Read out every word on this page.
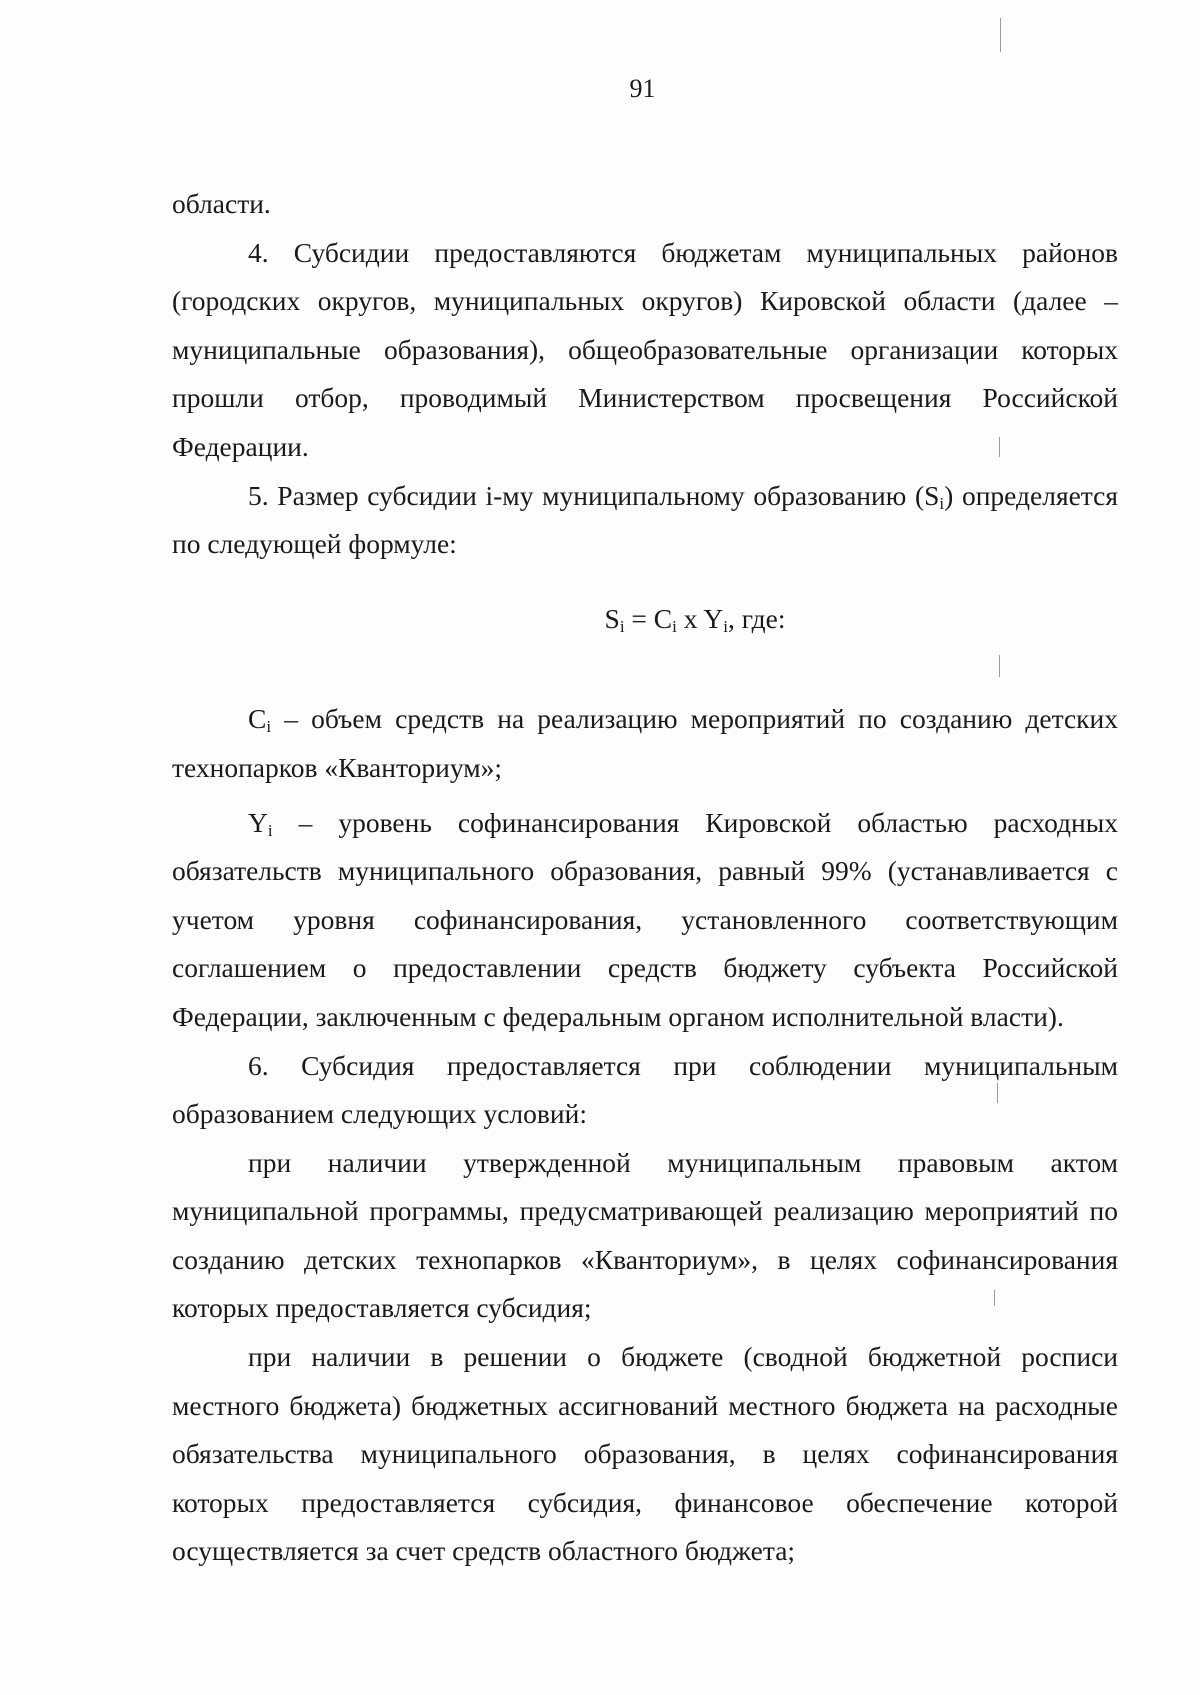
91

области.

4. Субсидии предоставляются бюджетам муниципальных районов (городских округов, муниципальных округов) Кировской области (далее – муниципальные образования), общеобразовательные организации которых прошли отбор, проводимый Министерством просвещения Российской Федерации.

5. Размер субсидии i-му муниципальному образованию $(S_i)$ определяется по следующей формуле:

$S_i = C_i$ x $Y_i$, где:

$C_i$ – объем средств на реализацию мероприятий по созданию детских технопарков «Кванториум»;

$Y_i$ – уровень софинансирования Кировской областью расходных обязательств муниципального образования, равный 99% (устанавливается с учетом уровня софинансирования, установленного соответствующим соглашением о предоставлении средств бюджету субъекта Российской Федерации, заключенным с федеральным органом исполнительной власти).

6. Субсидия предоставляется при соблюдении муниципальным образованием следующих условий:

при наличии утвержденной муниципальным правовым актом муниципальной программы, предусматривающей реализацию мероприятий по созданию детских технопарков «Кванториум», в целях софинансирования которых предоставляется субсидия;

при наличии в решении о бюджете (сводной бюджетной росписи местного бюджета) бюджетных ассигнований местного бюджета на расходные обязательства муниципального образования, в целях софинансирования которых предоставляется субсидия, финансовое обеспечение которой осуществляется за счет средств областного бюджета;
